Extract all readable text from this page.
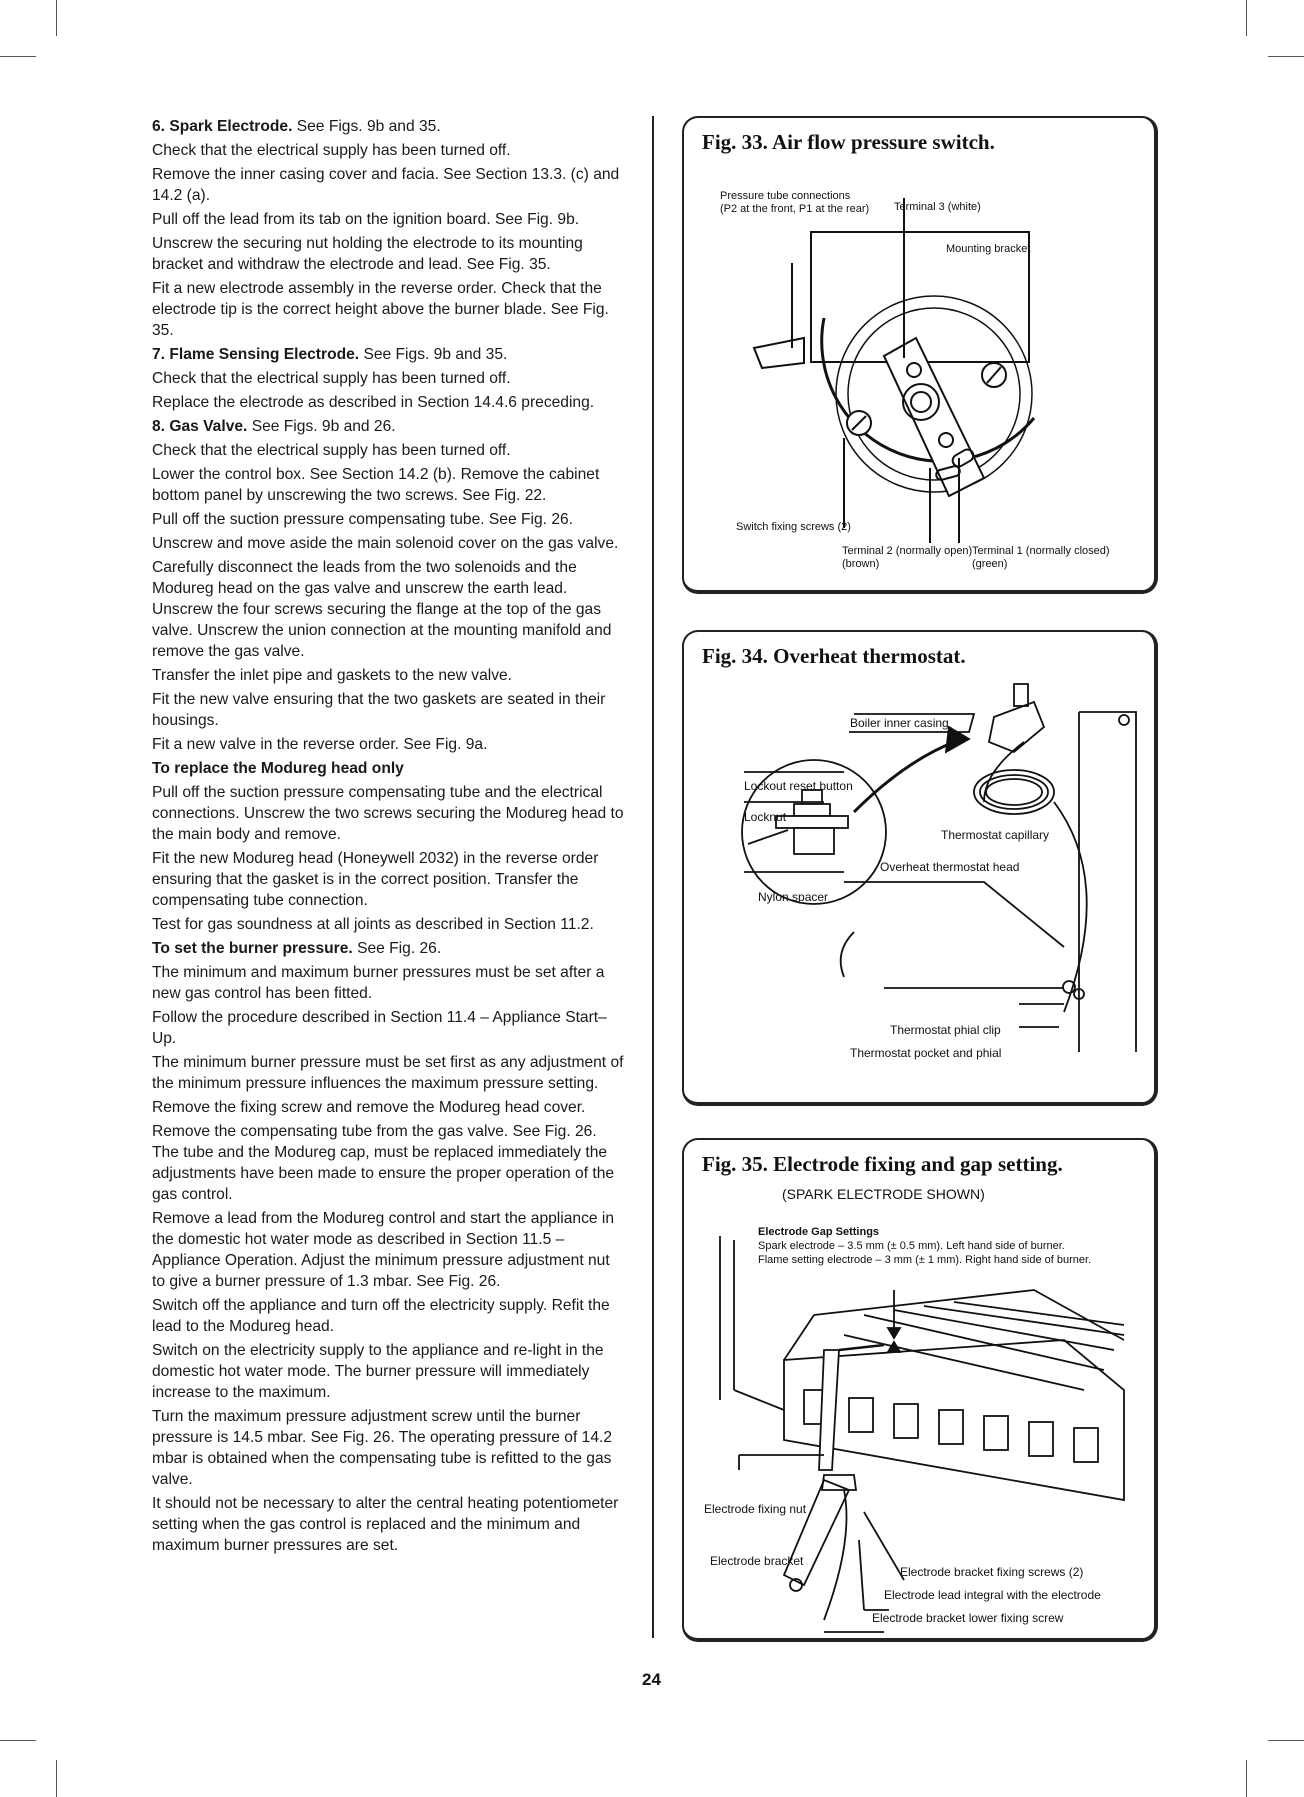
6. Spark Electrode. See Figs. 9b and 35.

Check that the electrical supply has been turned off.

Remove the inner casing cover and facia. See Section 13.3. (c) and 14.2 (a).

Pull off the lead from its tab on the ignition board. See Fig. 9b.

Unscrew the securing nut holding the electrode to its mounting bracket and withdraw the electrode and lead. See Fig. 35.

Fit a new electrode assembly in the reverse order. Check that the electrode tip is the correct height above the burner blade. See Fig. 35.

7. Flame Sensing Electrode. See Figs. 9b and 35.

Check that the electrical supply has been turned off.

Replace the electrode as described in Section 14.4.6 preceding.

8. Gas Valve. See Figs. 9b and 26.

Check that the electrical supply has been turned off.

Lower the control box. See Section 14.2 (b). Remove the cabinet bottom panel by unscrewing the two screws. See Fig. 22.

Pull off the suction pressure compensating tube. See Fig. 26.

Unscrew and move aside the main solenoid cover on the gas valve.

Carefully disconnect the leads from the two solenoids and the Modureg head on the gas valve and unscrew the earth lead. Unscrew the four screws securing the flange at the top of the gas valve. Unscrew the union connection at the mounting manifold and remove the gas valve.

Transfer the inlet pipe and gaskets to the new valve.

Fit the new valve ensuring that the two gaskets are seated in their housings.

Fit a new valve in the reverse order. See Fig. 9a.

To replace the Modureg head only

Pull off the suction pressure compensating tube and the electrical connections. Unscrew the two screws securing the Modureg head to the main body and remove.

Fit the new Modureg head (Honeywell 2032) in the reverse order ensuring that the gasket is in the correct position. Transfer the compensating tube connection.

Test for gas soundness at all joints as described in Section 11.2.

To set the burner pressure. See Fig. 26.

The minimum and maximum burner pressures must be set after a new gas control has been fitted.

Follow the procedure described in Section 11.4 – Appliance Start–Up.

The minimum burner pressure must be set first as any adjustment of the minimum pressure influences the maximum pressure setting.

Remove the fixing screw and remove the Modureg head cover.

Remove the compensating tube from the gas valve. See Fig. 26. The tube and the Modureg cap, must be replaced immediately the adjustments have been made to ensure the proper operation of the gas control.

Remove a lead from the Modureg control and start the appliance in the domestic hot water mode as described in Section 11.5 – Appliance Operation. Adjust the minimum pressure adjustment nut to give a burner pressure of 1.3 mbar. See Fig. 26.

Switch off the appliance and turn off the electricity supply. Refit the lead to the Modureg head.

Switch on the electricity supply to the appliance and re-light in the domestic hot water mode. The burner pressure will immediately increase to the maximum.

Turn the maximum pressure adjustment screw until the burner pressure is 14.5 mbar. See Fig. 26. The operating pressure of 14.2 mbar is obtained when the compensating tube is refitted to the gas valve.

It should not be necessary to alter the central heating potentiometer setting when the gas control is replaced and the minimum and maximum burner pressures are set.

Fig. 33. Air flow pressure switch.
Pressure tube connections
(P2 at the front, P1 at the rear) Terminal 3 (white)
Mounting bracket
Switch fixing screws (2)
Terminal 2 (normally open)
(brown)
Terminal 1 (normally closed)
(green)
Fig. 34. Overheat thermostat.
Boiler inner casing
Lockout reset button
Locknut
Thermostat capillary
Overheat thermostat head
Nylon spacer
Thermostat phial clip
Thermostat pocket and phial
Fig. 35. Electrode fixing and gap setting.
(SPARK ELECTRODE SHOWN)
Electrode Gap Settings
Spark electrode – 3.5 mm (± 0.5 mm). Left hand side of burner.
Flame setting electrode – 3 mm (± 1 mm). Right hand side of burner.
Electrode fixing nut
Electrode bracket
Electrode bracket fixing screws (2)
Electrode lead integral with the electrode
Electrode bracket lower fixing screw
24
